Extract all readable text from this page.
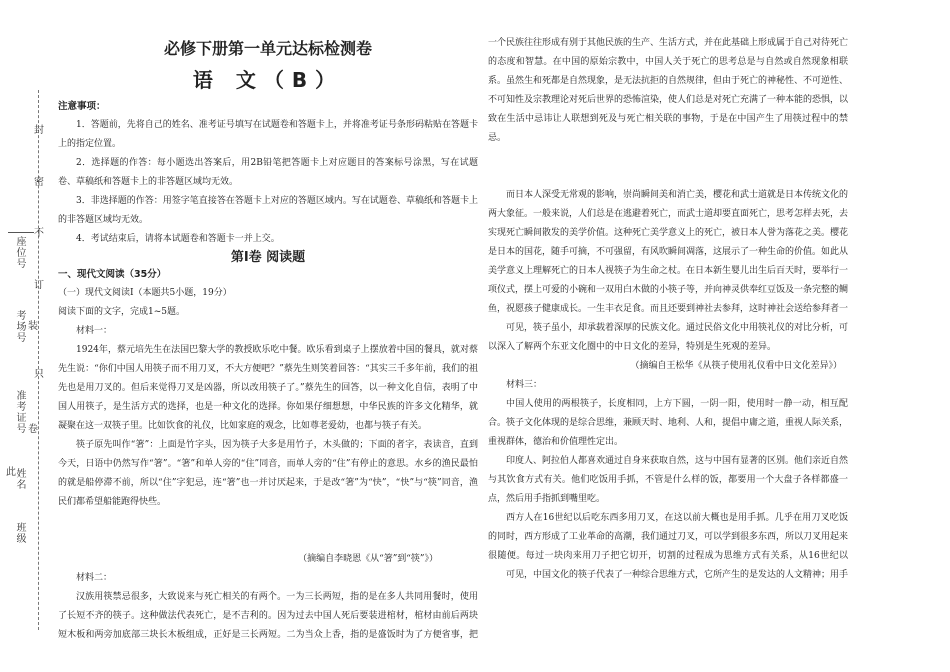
封
密
不
订
装
只
卷
此
座位号
考场号
准考证号
姓名
班级
必修下册第一单元达标检测卷
语 文（B）

注意事项：

1．答题前，先将自己的姓名、准考证号填写在试题卷和答题卡上，并将准考证号条形码粘贴在答题卡上的指定位置。

2．选择题的作答：每小题选出答案后，用2B铅笔把答题卡上对应题目的答案标号涂黑，写在试题卷、草稿纸和答题卡上的非答题区域均无效。

3．非选择题的作答：用签字笔直接答在答题卡上对应的答题区域内。写在试题卷、草稿纸和答题卡上的非答题区域均无效。

4．考试结束后，请将本试题卷和答题卡一并上交。

第Ⅰ卷 阅读题

一、现代文阅读（35分）

（一）现代文阅读Ⅰ（本题共5小题，19分）

阅读下面的文字，完成1~5题。

材料一：

1924年，蔡元培先生在法国巴黎大学的教授欧乐吃中餐。欧乐看到桌子上摆放着中国的餐具，就对蔡先生说：“你们中国人用筷子而不用刀叉，不大方便吧？”蔡先生则笑着回答：“其实三千多年前，我们的祖先也是用刀叉的。但后来觉得刀叉是凶器，所以改用筷子了。”蔡先生的回答，以一种文化自信，表明了中国人用筷子，是生活方式的选择，也是一种文化的选择。你如果仔细想想，中华民族的许多文化精华，就凝聚在这一双筷子里。比如饮食的礼仪，比如家庭的观念，比如尊老爱幼，也都与筷子有关。

筷子原先叫作“箸”：上面是竹字头，因为筷子大多是用竹子，木头做的；下面的者字，表读音，直到今天，日语中仍然写作“箸”。“箸”和单人旁的“住”同音，而单人旁的“住”有停止的意思。水乡的渔民最怕的就是船停滞不前，所以“住”字犯忌，连“箸”也一并讨厌起来，于是改“箸”为“快”，“快”与“筷”同音，渔民们都希望船能跑得快些。

（摘编自李晓恩《从“箸”到“筷”》）

材料二：

汉族用筷禁忌很多，大致说来与死亡相关的有两个。一为三长两短，指的是在多人共同用餐时，使用了长短不齐的筷子。这种做法代表死亡，是不吉利的。因为过去中国人死后要装进棺材，棺材由前后两块短木板和两旁加底部三块长木板组成，正好是三长两短。二为当众上香，指的是盛饭时为了方便省事，把

一个民族往往形成有别于其他民族的生产、生活方式，并在此基础上形成属于自己对待死亡的态度和智慧。在中国的原始宗教中，中国人关于死亡的思考总是与自然或自然现象相联系。虽然生和死都是自然现象，是无法抗拒的自然规律，但由于死亡的神秘性、不可逆性、不可知性及宗教理论对死后世界的恐怖渲染，使人们总是对死亡充满了一种本能的恐惧，以致在生活中忌讳让人联想到死及与死亡相关联的事物，于是在中国产生了用筷过程中的禁忌。

而日本人深受无常观的影响，崇尚瞬间美和消亡美，樱花和武士道就是日本传统文化的两大象征。一般来说，人们总是在逃避着死亡，而武士道却要直面死亡，思考怎样去死，去实现死亡瞬间散发的美学价值。这种死亡美学意义上的死亡，被日本人誉为落花之美。樱花是日本的国花，随手可摘，不可强留，有风吹瞬间凋落，这展示了一种生命的价值。如此从美学意义上理解死亡的日本人视筷子为生命之杖。在日本新生婴儿出生后百天时，要举行一项仪式，摆上可爱的小碗和一双用白木做的小筷子等，并向神灵供奉红豆饭及一条完整的鲷鱼，祝愿孩子健康成长。一生丰衣足食。而且还要到神社去参拜，这时神社会送给参拜者一

可见，筷子虽小，却承载着深厚的民族文化。通过民俗文化中用筷礼仪的对比分析，可以深入了解两个东亚文化圈中的中日文化的差异，特别是生死观的差异。

（摘编自王松华《从筷子使用礼仪看中日文化差异》）

材料三：

中国人使用的两根筷子，长度相同，上方下圆，一阴一阳，使用时一静一动，相互配合。筷子文化体现的是综合思维，兼顾天时、地利、人和，提倡中庸之道，重视人际关系，重视群体，德治和价值理性定出。

印度人、阿拉伯人都喜欢通过自身来获取自然，这与中国有显著的区别。他们亲近自然与其饮食方式有关。他们吃饭用手抓，不管是什么样的饭，都要用一个大盘子各样都盛一点，然后用手指抓到嘴里吃。

西方人在16世纪以后吃东西多用刀叉，在这以前大概也是用手抓。几乎在用刀叉吃饭的同时，西方形成了工业革命的高潮，我们通过刀叉，可以学到很多东西，所以刀叉用起来很随便。每过一块肉来用刀子把它切开，切割的过程成为思维方式有关系，从16世纪以

可见，中国文化的筷子代表了一种综合思维方式，它所产生的是发达的人文精神；用手
